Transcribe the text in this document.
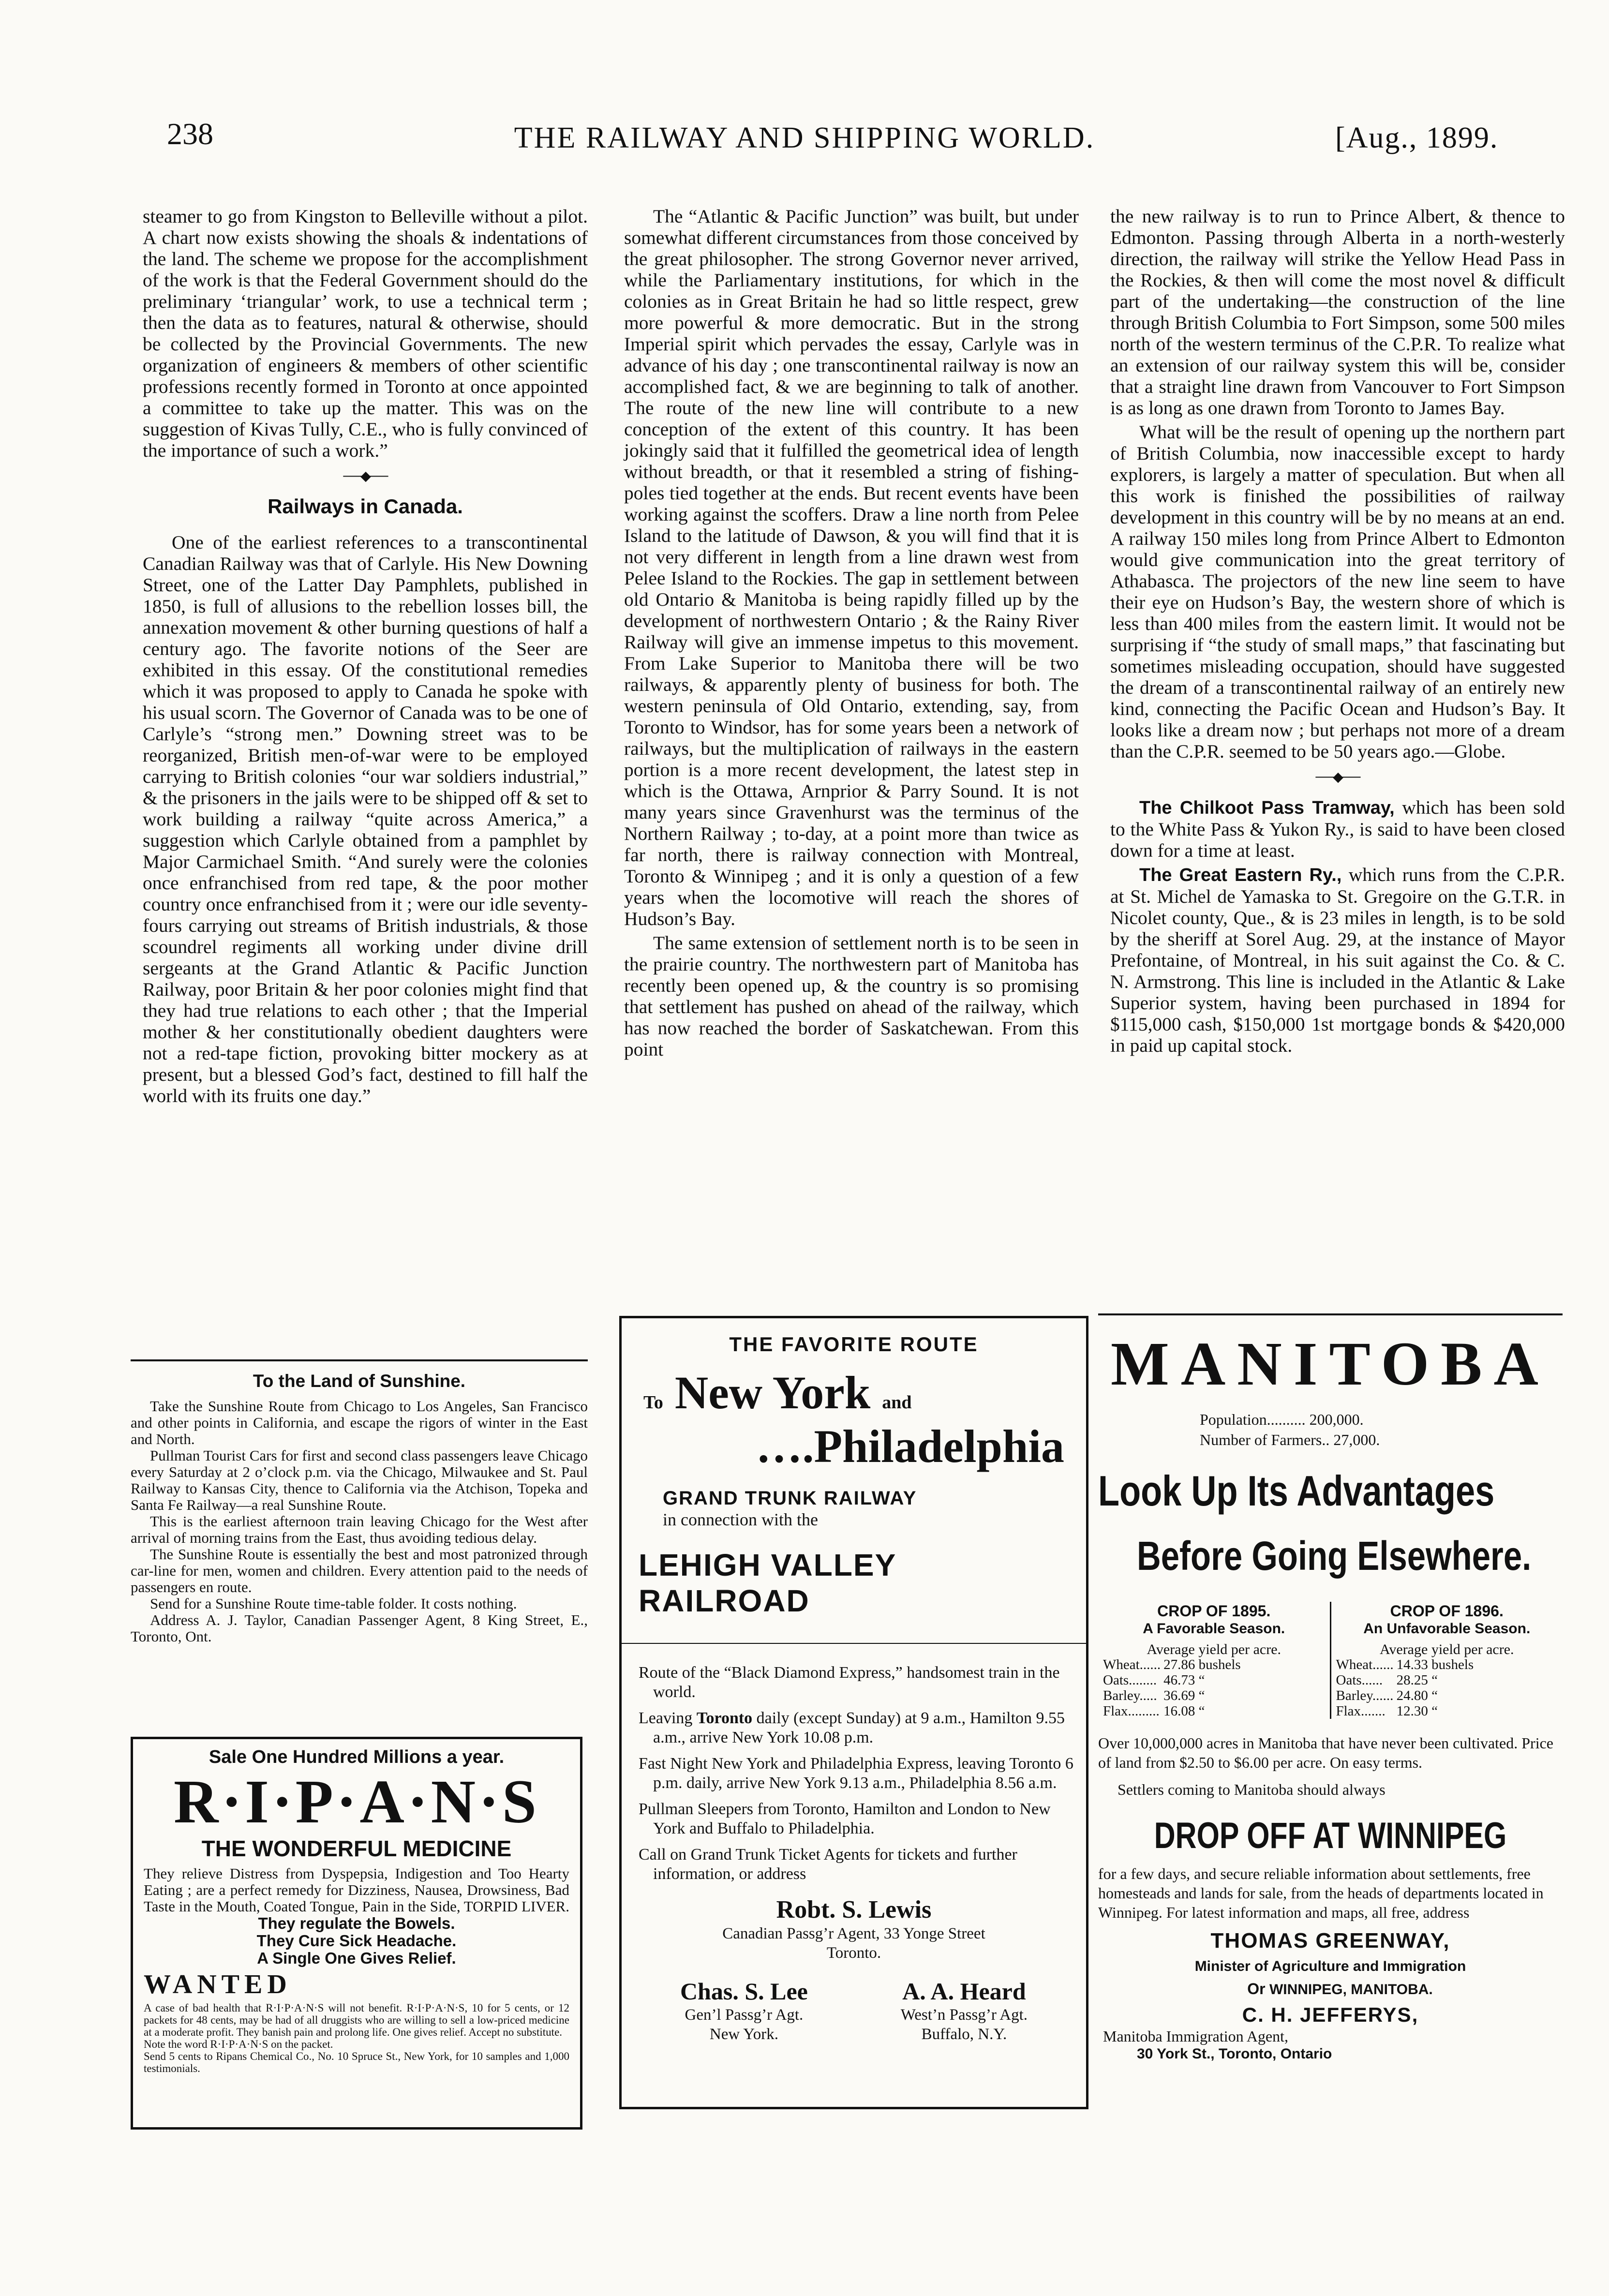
238	THE RAILWAY AND SHIPPING WORLD.	[Aug., 1899.

steamer to go from Kingston to Belleville without a pilot. A chart now exists showing the shoals & indentations of the land. The scheme we propose for the accomplishment of the work is that the Federal Government should do the preliminary ‘triangular’ work, to use a technical term ; then the data as to features, natural & otherwise, should be collected by the Provincial Governments. The new organization of engineers & members of other scientific professions recently formed in Toronto at once appointed a committee to take up the matter. This was on the suggestion of Kivas Tully, C.E., who is fully convinced of the importance of such a work.”

──◆──
Railways in Canada.

One of the earliest references to a transcontinental Canadian Railway was that of Carlyle. His New Downing Street, one of the Latter Day Pamphlets, published in 1850, is full of allusions to the rebellion losses bill, the annexation movement & other burning questions of half a century ago. The favorite notions of the Seer are exhibited in this essay. Of the constitutional remedies which it was proposed to apply to Canada he spoke with his usual scorn. The Governor of Canada was to be one of Carlyle’s “strong men.” Downing street was to be reorganized, British men-of-war were to be employed carrying to British colonies “our war soldiers industrial,” & the prisoners in the jails were to be shipped off & set to work building a railway “quite across America,” a suggestion which Carlyle obtained from a pamphlet by Major Carmichael Smith. “And surely were the colonies once enfranchised from red tape, & the poor mother country once enfranchised from it ; were our idle seventy-fours carrying out streams of British industrials, & those scoundrel regiments all working under divine drill sergeants at the Grand Atlantic & Pacific Junction Railway, poor Britain & her poor colonies might find that they had true relations to each other ; that the Imperial mother & her constitutionally obedient daughters were not a red-tape fiction, provoking bitter mockery as at present, but a blessed God’s fact, destined to fill half the world with its fruits one day.”

The “Atlantic & Pacific Junction” was built, but under somewhat different circumstances from those conceived by the great philosopher. The strong Governor never arrived, while the Parliamentary institutions, for which in the colonies as in Great Britain he had so little respect, grew more powerful & more democratic. But in the strong Imperial spirit which pervades the essay, Carlyle was in advance of his day ; one transcontinental railway is now an accomplished fact, & we are beginning to talk of another. The route of the new line will contribute to a new conception of the extent of this country. It has been jokingly said that it fulfilled the geometrical idea of length without breadth, or that it resembled a string of fishing-poles tied together at the ends. But recent events have been working against the scoffers. Draw a line north from Pelee Island to the latitude of Dawson, & you will find that it is not very different in length from a line drawn west from Pelee Island to the Rockies. The gap in settlement between old Ontario & Manitoba is being rapidly filled up by the development of northwestern Ontario ; & the Rainy River Railway will give an immense impetus to this movement. From Lake Superior to Manitoba there will be two railways, & apparently plenty of business for both. The western peninsula of Old Ontario, extending, say, from Toronto to Windsor, has for some years been a network of railways, but the multiplication of railways in the eastern portion is a more recent development, the latest step in which is the Ottawa, Arnprior & Parry Sound. It is not many years since Gravenhurst was the terminus of the Northern Railway ; to-day, at a point more than twice as far north, there is railway connection with Montreal, Toronto & Winnipeg ; and it is only a question of a few years when the locomotive will reach the shores of Hudson’s Bay.

The same extension of settlement north is to be seen in the prairie country. The northwestern part of Manitoba has recently been opened up, & the country is so promising that settlement has pushed on ahead of the railway, which has now reached the border of Saskatchewan. From this point

the new railway is to run to Prince Albert, & thence to Edmonton. Passing through Alberta in a north-westerly direction, the railway will strike the Yellow Head Pass in the Rockies, & then will come the most novel & difficult part of the undertaking—the construction of the line through British Columbia to Fort Simpson, some 500 miles north of the western terminus of the C.P.R. To realize what an extension of our railway system this will be, consider that a straight line drawn from Vancouver to Fort Simpson is as long as one drawn from Toronto to James Bay.

What will be the result of opening up the northern part of British Columbia, now inaccessible except to hardy explorers, is largely a matter of speculation. But when all this work is finished the possibilities of railway development in this country will be by no means at an end. A railway 150 miles long from Prince Albert to Edmonton would give communication into the great territory of Athabasca. The projectors of the new line seem to have their eye on Hudson’s Bay, the western shore of which is less than 400 miles from the eastern limit. It would not be surprising if “the study of small maps,” that fascinating but sometimes misleading occupation, should have suggested the dream of a transcontinental railway of an entirely new kind, connecting the Pacific Ocean and Hudson’s Bay. It looks like a dream now ; but perhaps not more of a dream than the C.P.R. seemed to be 50 years ago.—Globe.

──◆──

The Chilkoot Pass Tramway, which has been sold to the White Pass & Yukon Ry., is said to have been closed down for a time at least.

The Great Eastern Ry., which runs from the C.P.R. at St. Michel de Yamaska to St. Gregoire on the G.T.R. in Nicolet county, Que., & is 23 miles in length, is to be sold by the sheriff at Sorel Aug. 29, at the instance of Mayor Prefontaine, of Montreal, in his suit against the Co. & C. N. Armstrong. This line is included in the Atlantic & Lake Superior system, having been purchased in 1894 for $115,000 cash, $150,000 1st mortgage bonds & $420,000 in paid up capital stock.

To the Land of Sunshine.

Take the Sunshine Route from Chicago to Los Angeles, San Francisco and other points in California, and escape the rigors of winter in the East and North.

Pullman Tourist Cars for first and second class passengers leave Chicago every Saturday at 2 o’clock p.m. via the Chicago, Milwaukee and St. Paul Railway to Kansas City, thence to California via the Atchison, Topeka and Santa Fe Railway—a real Sunshine Route.

This is the earliest afternoon train leaving Chicago for the West after arrival of morning trains from the East, thus avoiding tedious delay.

The Sunshine Route is essentially the best and most patronized through car-line for men, women and children. Every attention paid to the needs of passengers en route.

Send for a Sunshine Route time-table folder. It costs nothing.

Address A. J. Taylor, Canadian Passenger Agent, 8 King Street, E., Toronto, Ont.

Sale One Hundred Millions a year.
R·I·P·A·N·S
THE WONDERFUL MEDICINE
They relieve Distress from Dyspepsia, Indigestion and Too Hearty Eating ; are a perfect remedy for Dizziness, Nausea, Drowsiness, Bad Taste in the Mouth, Coated Tongue, Pain in the Side, TORPID LIVER.
They regulate the Bowels.
They Cure Sick Headache.
A Single One Gives Relief.
WANTED
A case of bad health that R·I·P·A·N·S will not benefit. R·I·P·A·N·S, 10 for 5 cents, or 12 packets for 48 cents, may be had of all druggists who are willing to sell a low-priced medicine at a moderate profit. They banish pain and prolong life. One gives relief. Accept no substitute.
Note the word R·I·P·A·N·S on the packet.
Send 5 cents to Ripans Chemical Co., No. 10 Spruce St., New York, for 10 samples and 1,000 testimonials.
THE FAVORITE ROUTE
To New York and
….Philadelphia
GRAND TRUNK RAILWAY
in connection with the
LEHIGH VALLEY RAILROAD

Route of the “Black Diamond Express,” handsomest train in the world.

Leaving Toronto daily (except Sunday) at 9 a.m., Hamilton 9.55 a.m., arrive New York 10.08 p.m.

Fast Night New York and Philadelphia Express, leaving Toronto 6 p.m. daily, arrive New York 9.13 a.m., Philadelphia 8.56 a.m.

Pullman Sleepers from Toronto, Hamilton and London to New York and Buffalo to Philadelphia.

Call on Grand Trunk Ticket Agents for tickets and further information, or address

Robt. S. Lewis
Canadian Passg’r Agent, 33 Yonge Street
Toronto.
Chas. S. Lee
Gen’l Passg’r Agt.
New York.
A. A. Heard
West’n Passg’r Agt.
Buffalo, N.Y.
MANITOBA
Population.......... 200,000.
Number of Farmers.. 27,000.
Look Up Its Advantages
Before Going Elsewhere.
CROP OF 1895.
A Favorable Season.
Average yield per acre.
Wheat......	27.86 bushels
Oats........	46.73 “
Barley.....	36.69 “
Flax.........	16.08 “
CROP OF 1896.
An Unfavorable Season.
Average yield per acre.
Wheat......	14.33 bushels
Oats......	28.25 “
Barley......	24.80 “
Flax.......	12.30 “
Over 10,000,000 acres in Manitoba that have never been cultivated. Price of land from $2.50 to $6.00 per acre. On easy terms.
Settlers coming to Manitoba should always
DROP OFF AT WINNIPEG
for a few days, and secure reliable information about settlements, free homesteads and lands for sale, from the heads of departments located in Winnipeg. For latest information and maps, all free, address
THOMAS GREENWAY,
Minister of Agriculture and Immigration
Or WINNIPEG, MANITOBA.
C. H. JEFFERYS,
Manitoba Immigration Agent,
30 York St., Toronto, Ontario
